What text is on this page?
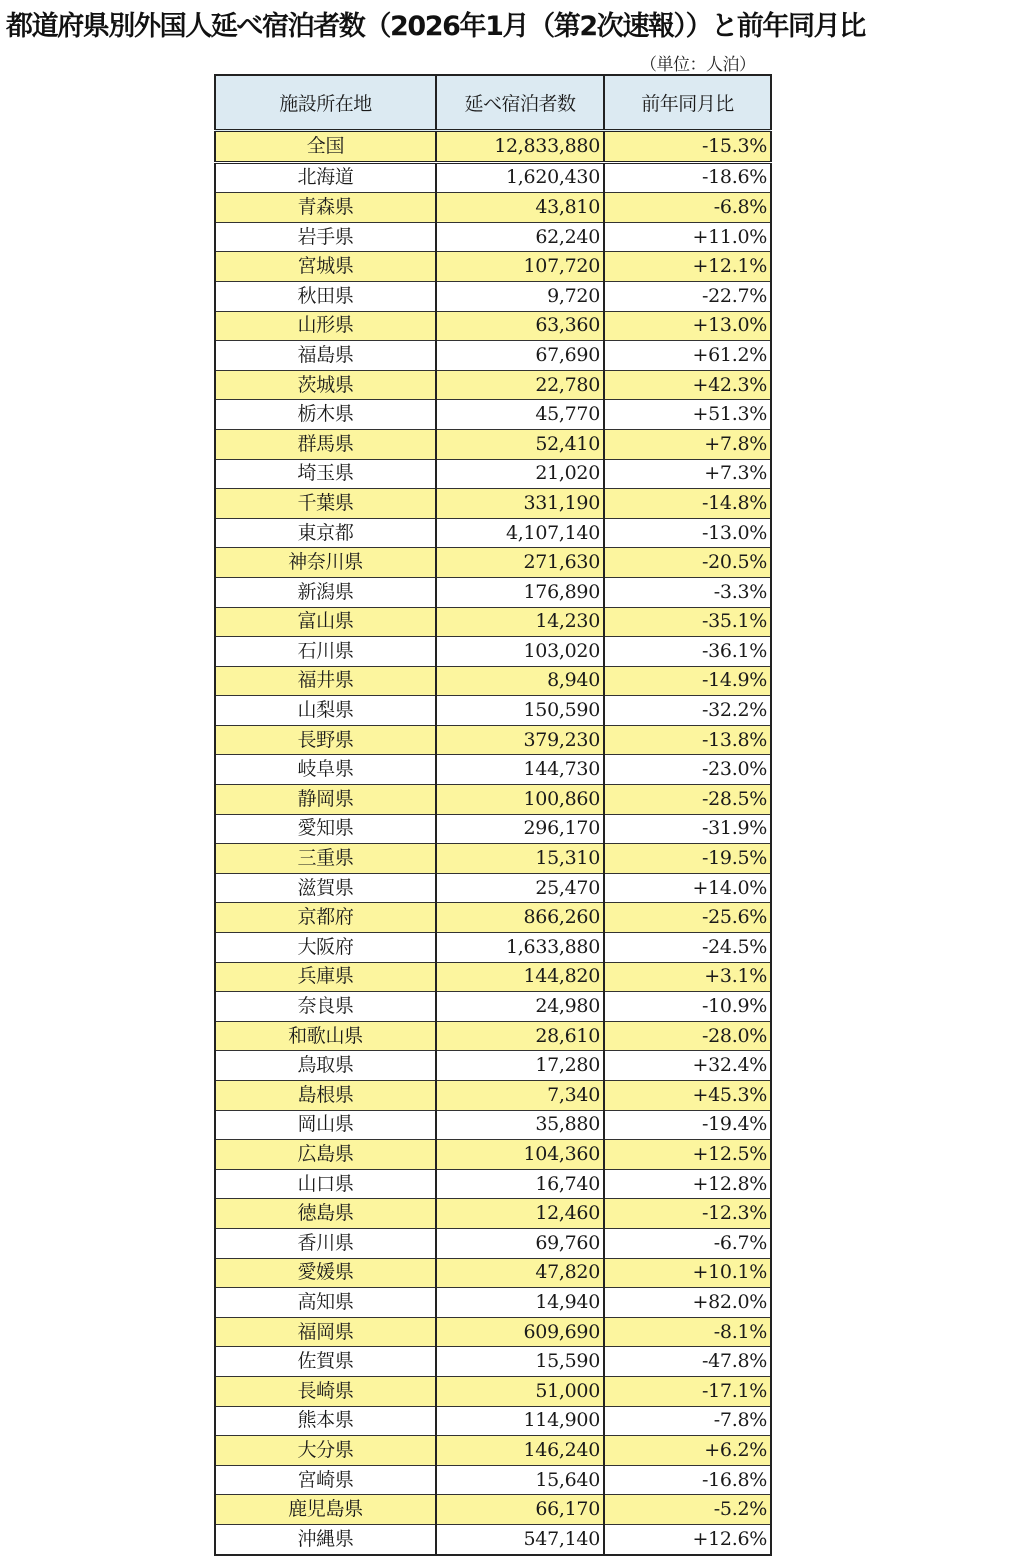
都道府県別外国人延べ宿泊者数（2026年1月（第2次速報））と前年同月比
（単位：人泊）
施設所在地	延べ宿泊者数	前年同月比
全国	12,833,880	-15.3%
北海道	1,620,430	-18.6%
青森県	43,810	-6.8%
岩手県	62,240	+11.0%
宮城県	107,720	+12.1%
秋田県	9,720	-22.7%
山形県	63,360	+13.0%
福島県	67,690	+61.2%
茨城県	22,780	+42.3%
栃木県	45,770	+51.3%
群馬県	52,410	+7.8%
埼玉県	21,020	+7.3%
千葉県	331,190	-14.8%
東京都	4,107,140	-13.0%
神奈川県	271,630	-20.5%
新潟県	176,890	-3.3%
富山県	14,230	-35.1%
石川県	103,020	-36.1%
福井県	8,940	-14.9%
山梨県	150,590	-32.2%
長野県	379,230	-13.8%
岐阜県	144,730	-23.0%
静岡県	100,860	-28.5%
愛知県	296,170	-31.9%
三重県	15,310	-19.5%
滋賀県	25,470	+14.0%
京都府	866,260	-25.6%
大阪府	1,633,880	-24.5%
兵庫県	144,820	+3.1%
奈良県	24,980	-10.9%
和歌山県	28,610	-28.0%
鳥取県	17,280	+32.4%
島根県	7,340	+45.3%
岡山県	35,880	-19.4%
広島県	104,360	+12.5%
山口県	16,740	+12.8%
徳島県	12,460	-12.3%
香川県	69,760	-6.7%
愛媛県	47,820	+10.1%
高知県	14,940	+82.0%
福岡県	609,690	-8.1%
佐賀県	15,590	-47.8%
長崎県	51,000	-17.1%
熊本県	114,900	-7.8%
大分県	146,240	+6.2%
宮崎県	15,640	-16.8%
鹿児島県	66,170	-5.2%
沖縄県	547,140	+12.6%
